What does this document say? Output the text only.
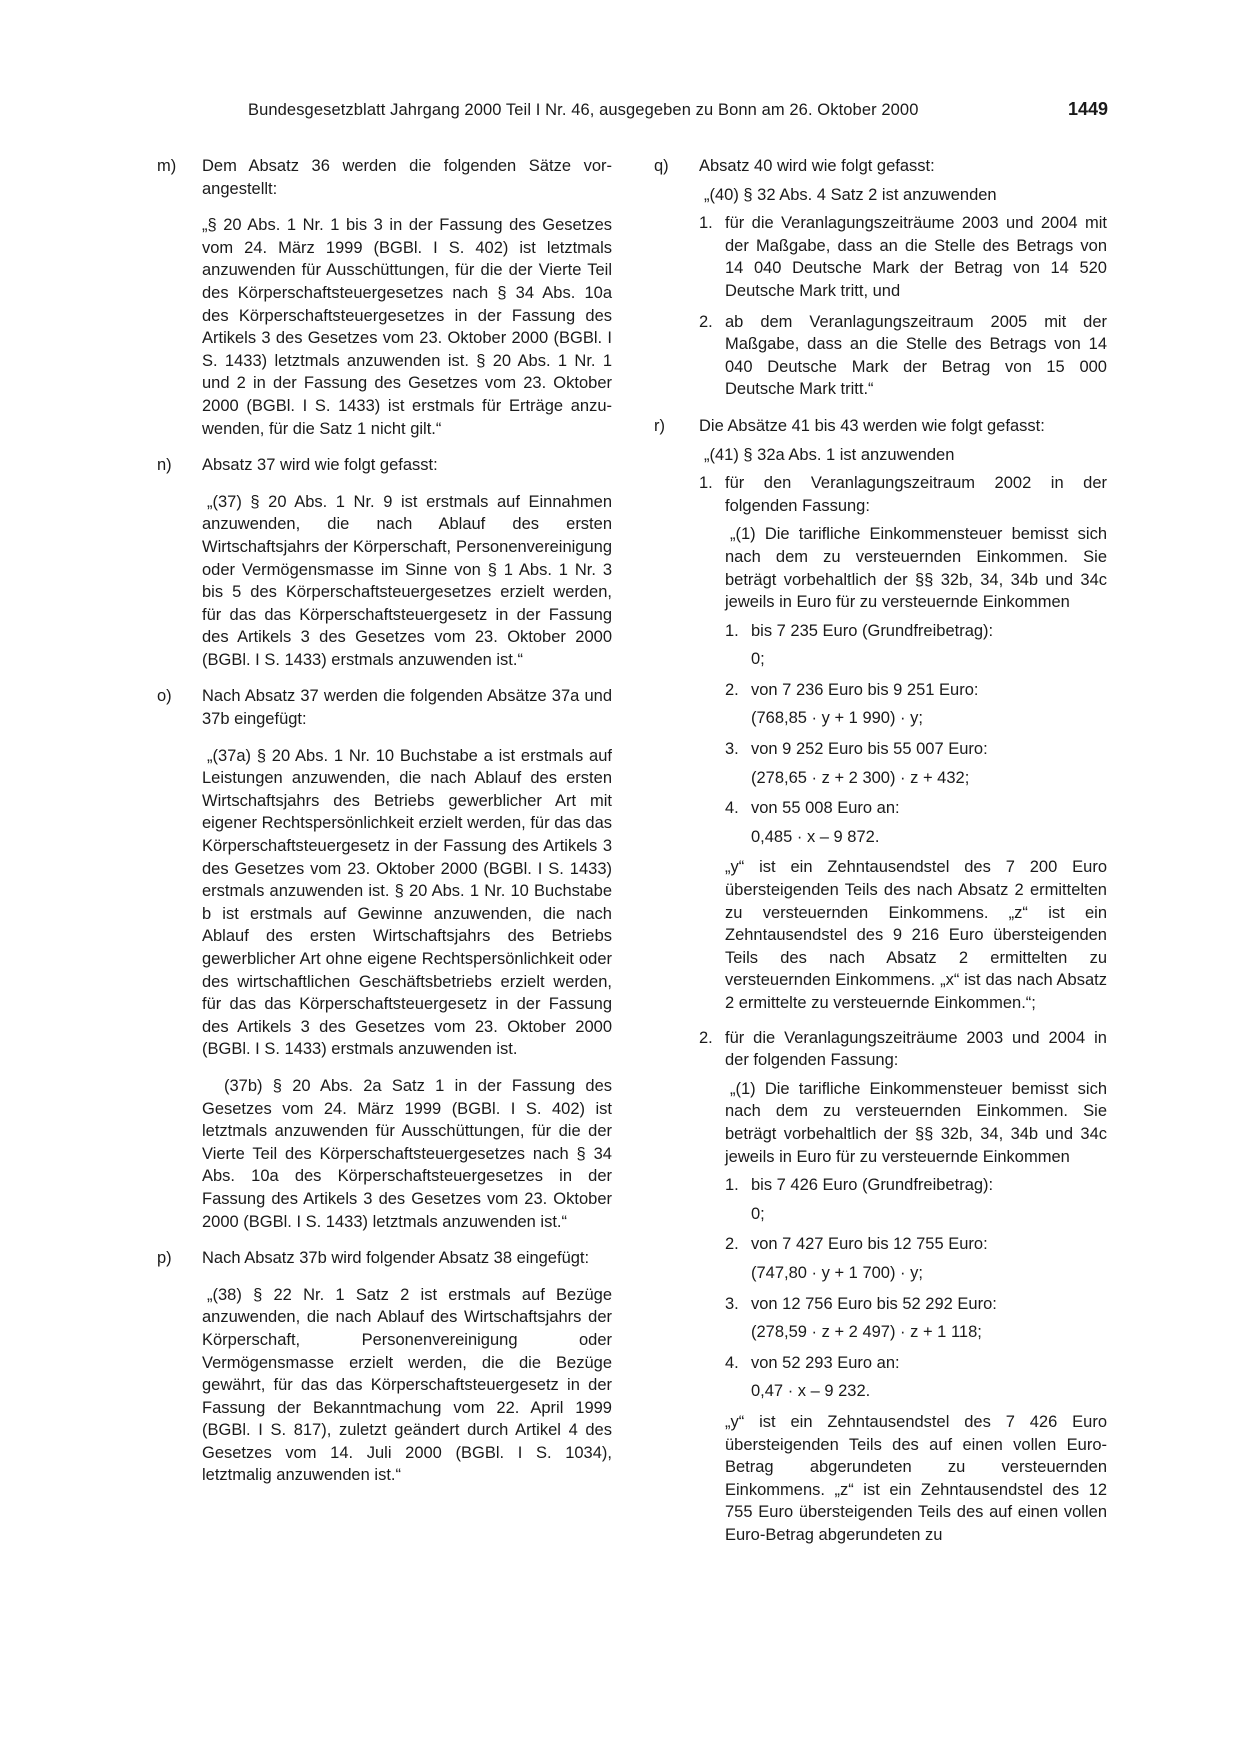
Bundesgesetzblatt Jahrgang 2000 Teil I Nr. 46, ausgegeben zu Bonn am 26. Oktober 2000	1449
m) Dem Absatz 36 werden die folgenden Sätze vorangestellt:

„§ 20 Abs. 1 Nr. 1 bis 3 in der Fassung des Gesetzes vom 24. März 1999 (BGBl. I S. 402) ist letztmals anzuwenden für Ausschüttungen, für die der Vierte Teil des Körperschaftsteuergesetzes nach § 34 Abs. 10a des Körperschaftsteuergesetzes in der Fassung des Artikels 3 des Gesetzes vom 23. Oktober 2000 (BGBl. I S. 1433) letztmals anzuwenden ist. § 20 Abs. 1 Nr. 1 und 2 in der Fassung des Gesetzes vom 23. Oktober 2000 (BGBl. I S. 1433) ist erstmals für Erträge anzuwenden, für die Satz 1 nicht gilt.“

n) Absatz 37 wird wie folgt gefasst:

„(37) § 20 Abs. 1 Nr. 9 ist erstmals auf Einnahmen anzuwenden, die nach Ablauf des ersten Wirtschaftsjahrs der Körperschaft, Personenvereinigung oder Vermögensmasse im Sinne von § 1 Abs. 1 Nr. 3 bis 5 des Körperschaftsteuergesetzes erzielt werden, für das das Körperschaftsteuergesetz in der Fassung des Artikels 3 des Gesetzes vom 23. Oktober 2000 (BGBl. I S. 1433) erstmals anzuwenden ist.“

o) Nach Absatz 37 werden die folgenden Absätze 37a und 37b eingefügt:

„(37a) § 20 Abs. 1 Nr. 10 Buchstabe a ist erstmals auf Leistungen anzuwenden, die nach Ablauf des ersten Wirtschaftsjahrs des Betriebs gewerblicher Art mit eigener Rechtspersönlichkeit erzielt werden, für das das Körperschaftsteuergesetz in der Fassung des Artikels 3 des Gesetzes vom 23. Oktober 2000 (BGBl. I S. 1433) erstmals anzuwenden ist. § 20 Abs. 1 Nr. 10 Buchstabe b ist erstmals auf Gewinne anzuwenden, die nach Ablauf des ersten Wirtschaftsjahrs des Betriebs gewerblicher Art ohne eigene Rechtspersönlichkeit oder des wirtschaftlichen Geschäftsbetriebs erzielt werden, für das das Körperschaftsteuergesetz in der Fassung des Artikels 3 des Gesetzes vom 23. Oktober 2000 (BGBl. I S. 1433) erstmals anzuwenden ist.

(37b) § 20 Abs. 2a Satz 1 in der Fassung des Gesetzes vom 24. März 1999 (BGBl. I S. 402) ist letztmals anzuwenden für Ausschüttungen, für die der Vierte Teil des Körperschaftsteuergesetzes nach § 34 Abs. 10a des Körperschaftsteuergesetzes in der Fassung des Artikels 3 des Gesetzes vom 23. Oktober 2000 (BGBl. I S. 1433) letztmals anzuwenden ist.“

p) Nach Absatz 37b wird folgender Absatz 38 eingefügt:

„(38) § 22 Nr. 1 Satz 2 ist erstmals auf Bezüge anzuwenden, die nach Ablauf des Wirtschaftsjahrs der Körperschaft, Personenvereinigung oder Vermögensmasse erzielt werden, die die Bezüge gewährt, für das das Körperschaftsteuergesetz in der Fassung der Bekanntmachung vom 22. April 1999 (BGBl. I S. 817), zuletzt geändert durch Artikel 4 des Gesetzes vom 14. Juli 2000 (BGBl. I S. 1034), letztmalig anzuwenden ist.“

q) Absatz 40 wird wie folgt gefasst:

„(40) § 32 Abs. 4 Satz 2 ist anzuwenden

1. für die Veranlagungszeiträume 2003 und 2004 mit der Maßgabe, dass an die Stelle des Betrags von 14 040 Deutsche Mark der Betrag von 14 520 Deutsche Mark tritt, und

2. ab dem Veranlagungszeitraum 2005 mit der Maßgabe, dass an die Stelle des Betrags von 14 040 Deutsche Mark der Betrag von 15 000 Deutsche Mark tritt.“

r) Die Absätze 41 bis 43 werden wie folgt gefasst:

„(41) § 32a Abs. 1 ist anzuwenden

1. für den Veranlagungszeitraum 2002 in der folgenden Fassung:

„(1) Die tarifliche Einkommensteuer bemisst sich nach dem zu versteuernden Einkommen. Sie beträgt vorbehaltlich der §§ 32b, 34, 34b und 34c jeweils in Euro für zu versteuernde Einkommen

1. bis 7 235 Euro (Grundfreibetrag):

0;

2. von 7 236 Euro bis 9 251 Euro:

(768,85 · y + 1 990) · y;

3. von 9 252 Euro bis 55 007 Euro:

(278,65 · z + 2 300) · z + 432;

4. von 55 008 Euro an:

0,485 · x – 9 872.

„y“ ist ein Zehntausendstel des 7 200 Euro übersteigenden Teils des nach Absatz 2 ermittelten zu versteuernden Einkommens. „z“ ist ein Zehntausendstel des 9 216 Euro übersteigenden Teils des nach Absatz 2 ermittelten zu versteuernden Einkommens. „x“ ist das nach Absatz 2 ermittelte zu versteuernde Einkommen.“;

2. für die Veranlagungszeiträume 2003 und 2004 in der folgenden Fassung:

„(1) Die tarifliche Einkommensteuer bemisst sich nach dem zu versteuernden Einkommen. Sie beträgt vorbehaltlich der §§ 32b, 34, 34b und 34c jeweils in Euro für zu versteuernde Einkommen

1. bis 7 426 Euro (Grundfreibetrag):

0;

2. von 7 427 Euro bis 12 755 Euro:

(747,80 · y + 1 700) · y;

3. von 12 756 Euro bis 52 292 Euro:

(278,59 · z + 2 497) · z + 1 118;

4. von 52 293 Euro an:

0,47 · x – 9 232.

„y“ ist ein Zehntausendstel des 7 426 Euro übersteigenden Teils des auf einen vollen Euro-Betrag abgerundeten zu versteuernden Einkommens. „z“ ist ein Zehntausendstel des 12 755 Euro übersteigenden Teils des auf einen vollen Euro-Betrag abgerundeten zu
